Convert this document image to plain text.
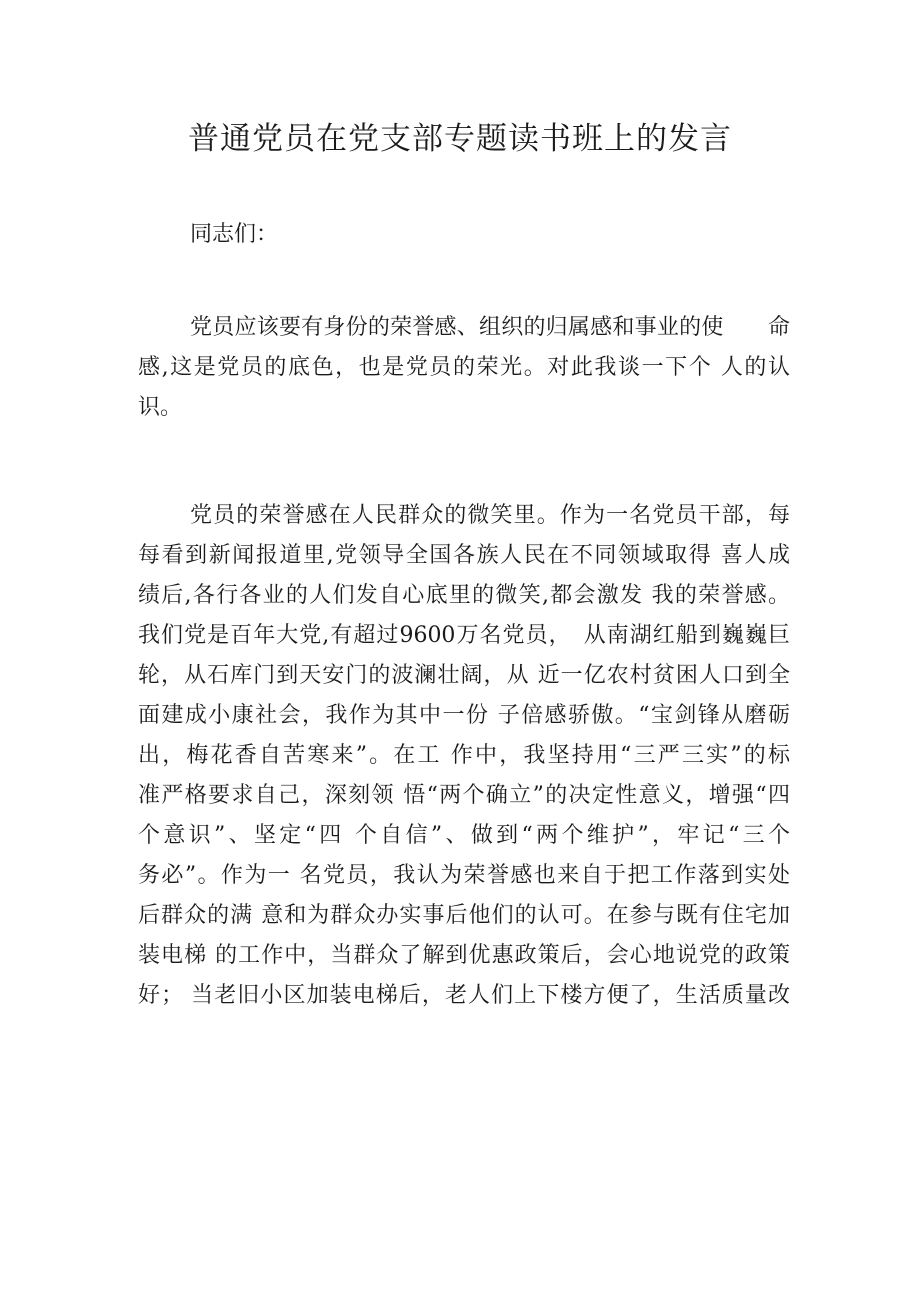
普通党员在党支部专题读书班上的发言

同志们：

党员应该要有身份的荣誉感、组织的归属感和事业的使　　命
感,这是党员的底色，也是党员的荣光。对此我谈一下个 人的认
识。
党员的荣誉感在人民群众的微笑里。作为一名党员干部，每
每看到新闻报道里,党领导全国各族人民在不同领域取得 喜人成
绩后,各行各业的人们发自心底里的微笑,都会激发 我的荣誉感。
我们党是百年大党,有超过9600万名党员，　从南湖红船到巍巍巨
轮，从石库门到天安门的波澜壮阔，从 近一亿农村贫困人口到全
面建成小康社会，我作为其中一份 子倍感骄傲。“宝剑锋从磨砺
出，梅花香自苦寒来”。在工 作中，我坚持用“三严三实”的标
准严格要求自己，深刻领 悟“两个确立”的决定性意义，增强“四
个意识”、坚定“四 个自信”、做到“两个维护”，牢记“三个
务必”。作为一 名党员，我认为荣誉感也来自于把工作落到实处
后群众的满 意和为群众办实事后他们的认可。在参与既有住宅加
装电梯 的工作中，当群众了解到优惠政策后，会心地说党的政策
好； 当老旧小区加装电梯后，老人们上下楼方便了，生活质量改
